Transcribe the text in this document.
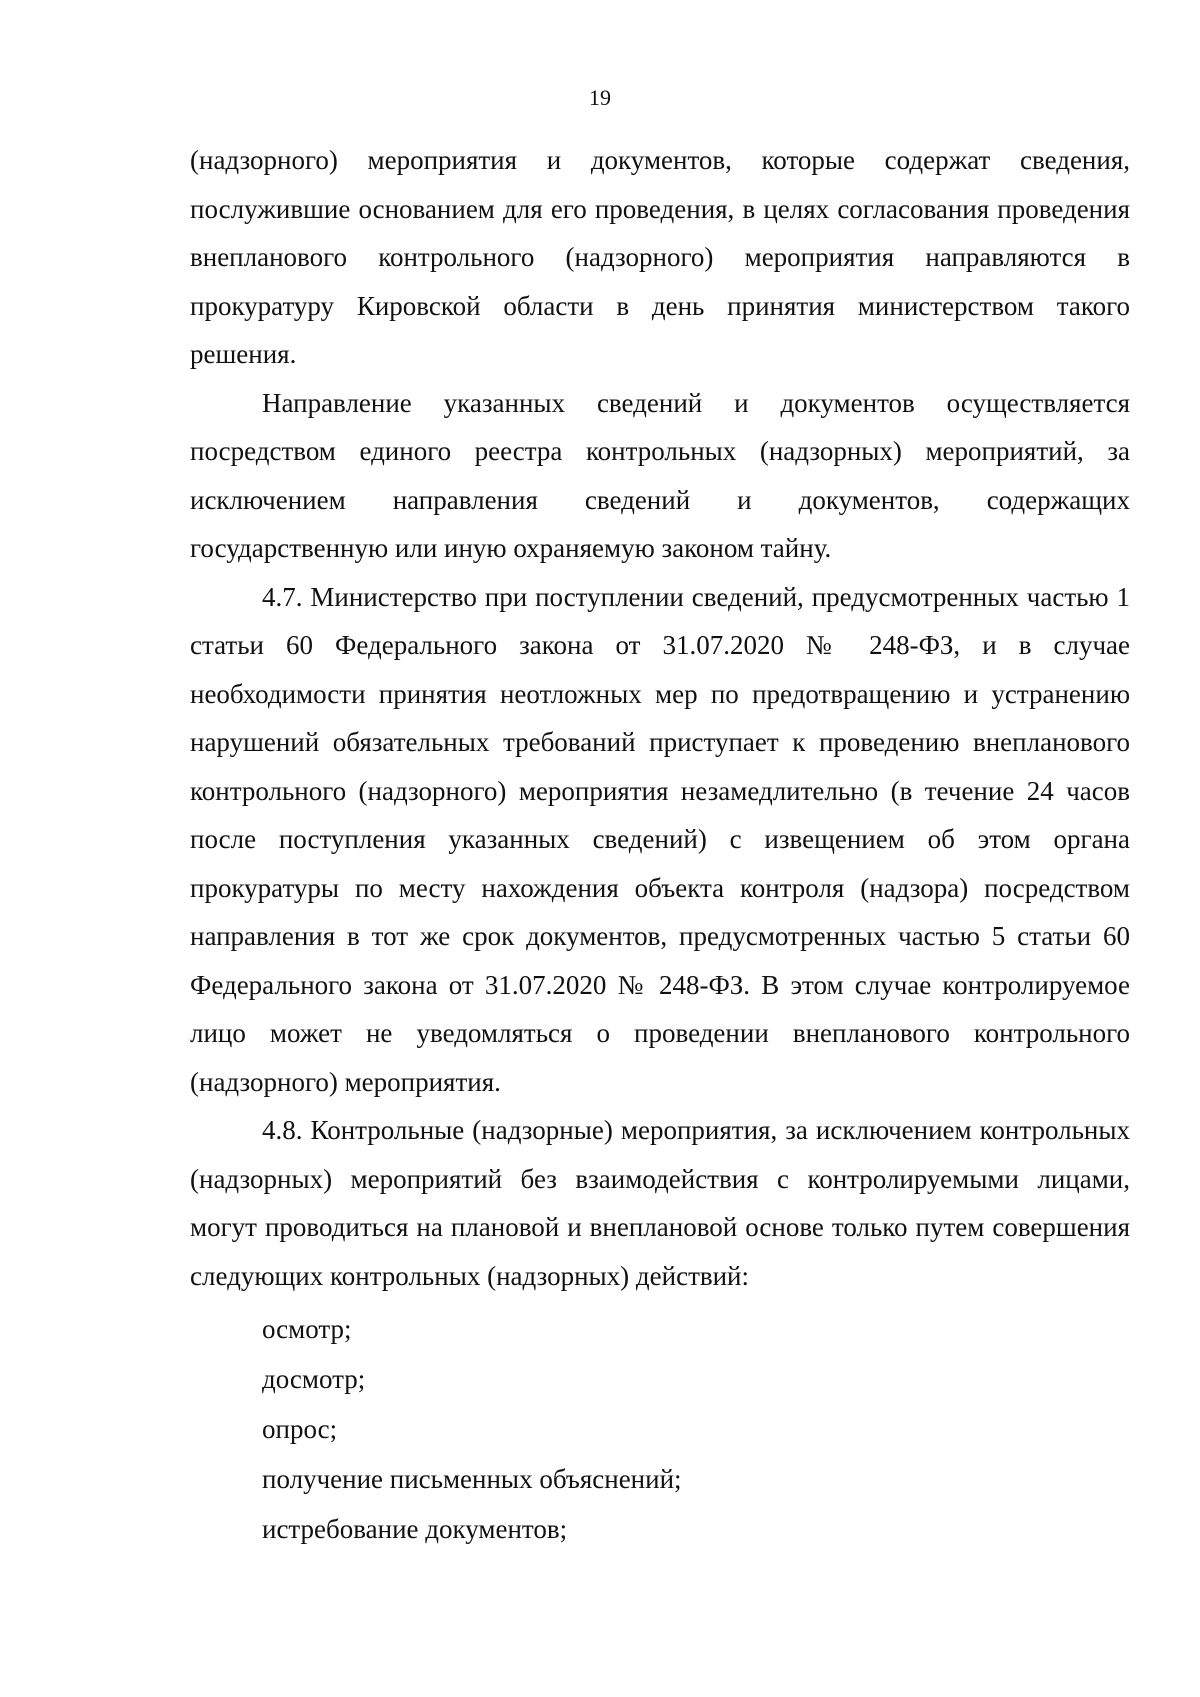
19

(надзорного) мероприятия и документов, которые содержат сведения, послужившие основанием для его проведения, в целях согласования проведения внепланового контрольного (надзорного) мероприятия направляются в прокуратуру Кировской области в день принятия министерством такого решения.

Направление указанных сведений и документов осуществляется посредством единого реестра контрольных (надзорных) мероприятий, за исключением направления сведений и документов, содержащих государственную или иную охраняемую законом тайну.

4.7. Министерство при поступлении сведений, предусмотренных частью 1 статьи 60 Федерального закона от 31.07.2020 № 248-ФЗ, и в случае необходимости принятия неотложных мер по предотвращению и устранению нарушений обязательных требований приступает к проведению внепланового контрольного (надзорного) мероприятия незамедлительно (в течение 24 часов после поступления указанных сведений) с извещением об этом органа прокуратуры по месту нахождения объекта контроля (надзора) посредством направления в тот же срок документов, предусмотренных частью 5 статьи 60 Федерального закона от 31.07.2020 № 248-ФЗ. В этом случае контролируемое лицо может не уведомляться о проведении внепланового контрольного (надзорного) мероприятия.

4.8. Контрольные (надзорные) мероприятия, за исключением контрольных (надзорных) мероприятий без взаимодействия с контролируемыми лицами, могут проводиться на плановой и внеплановой основе только путем совершения следующих контрольных (надзорных) действий:

осмотр;

досмотр;

опрос;

получение письменных объяснений;

истребование документов;
